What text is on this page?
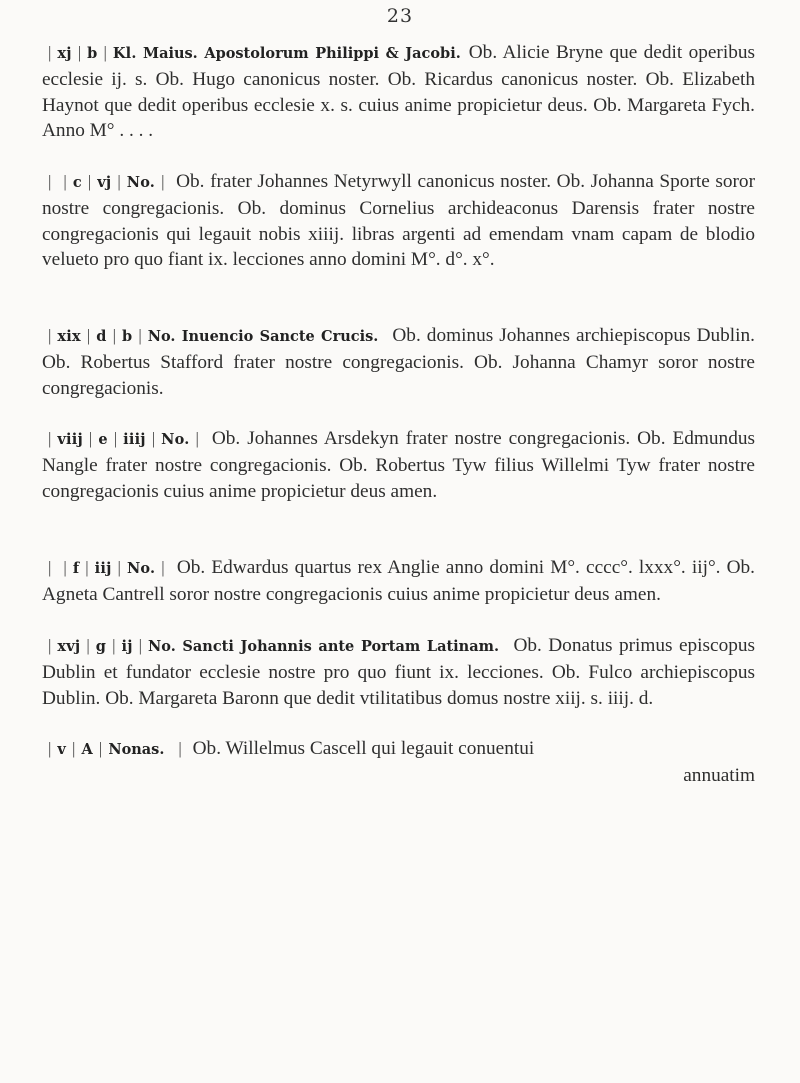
23

| xj | b | Kl. Maius. Apostolorum Philippi & Jacobi. Ob. Alicie Bryne que dedit operibus ecclesie ij. s. Ob. Hugo canonicus noster. Ob. Ricardus canonicus noster. Ob. Elizabeth Haynot que dedit operibus ecclesie x. s. cuius anime propicietur deus. Ob. Margareta Fych. Anno M° . . . .

| | c | vj | No. | Ob. frater Johannes Netyrwyll canonicus noster. Ob. Johanna Sporte soror nostre congregacionis. Ob. dominus Cornelius archideaconus Darensis frater nostre congregacionis qui legauit nobis xiiij. libras argenti ad emendam vnam capam de blodio velueto pro quo fiant ix. lecciones anno domini M°. d°. x°.

| xix | d | b | No. Inuencio Sancte Crucis. Ob. dominus Johannes archiepiscopus Dublin. Ob. Robertus Stafford frater nostre congregacionis. Ob. Johanna Chamyr soror nostre congregacionis.

| viij | e | iiij | No. | Ob. Johannes Arsdekyn frater nostre congregacionis. Ob. Edmundus Nangle frater nostre congregacionis. Ob. Robertus Tyw filius Willelmi Tyw frater nostre congregacionis cuius anime propicietur deus amen.

| | f | iij | No. | Ob. Edwardus quartus rex Anglie anno domini M°. cccc°. lxxx°. iij°. Ob. Agneta Cantrell soror nostre congregacionis cuius anime propicietur deus amen.

| xvj | g | ij | No. Sancti Johannis ante Portam Latinam. Ob. Donatus primus episcopus Dublin et fundator ecclesie nostre pro quo fiunt ix. lecciones. Ob. Fulco archiepiscopus Dublin. Ob. Margareta Baronn que dedit vtilitatibus domus nostre xiij. s. iiij. d.

| v | A | Nonas. | Ob. Willelmus Cascell qui legauit conuentui
annuatim
